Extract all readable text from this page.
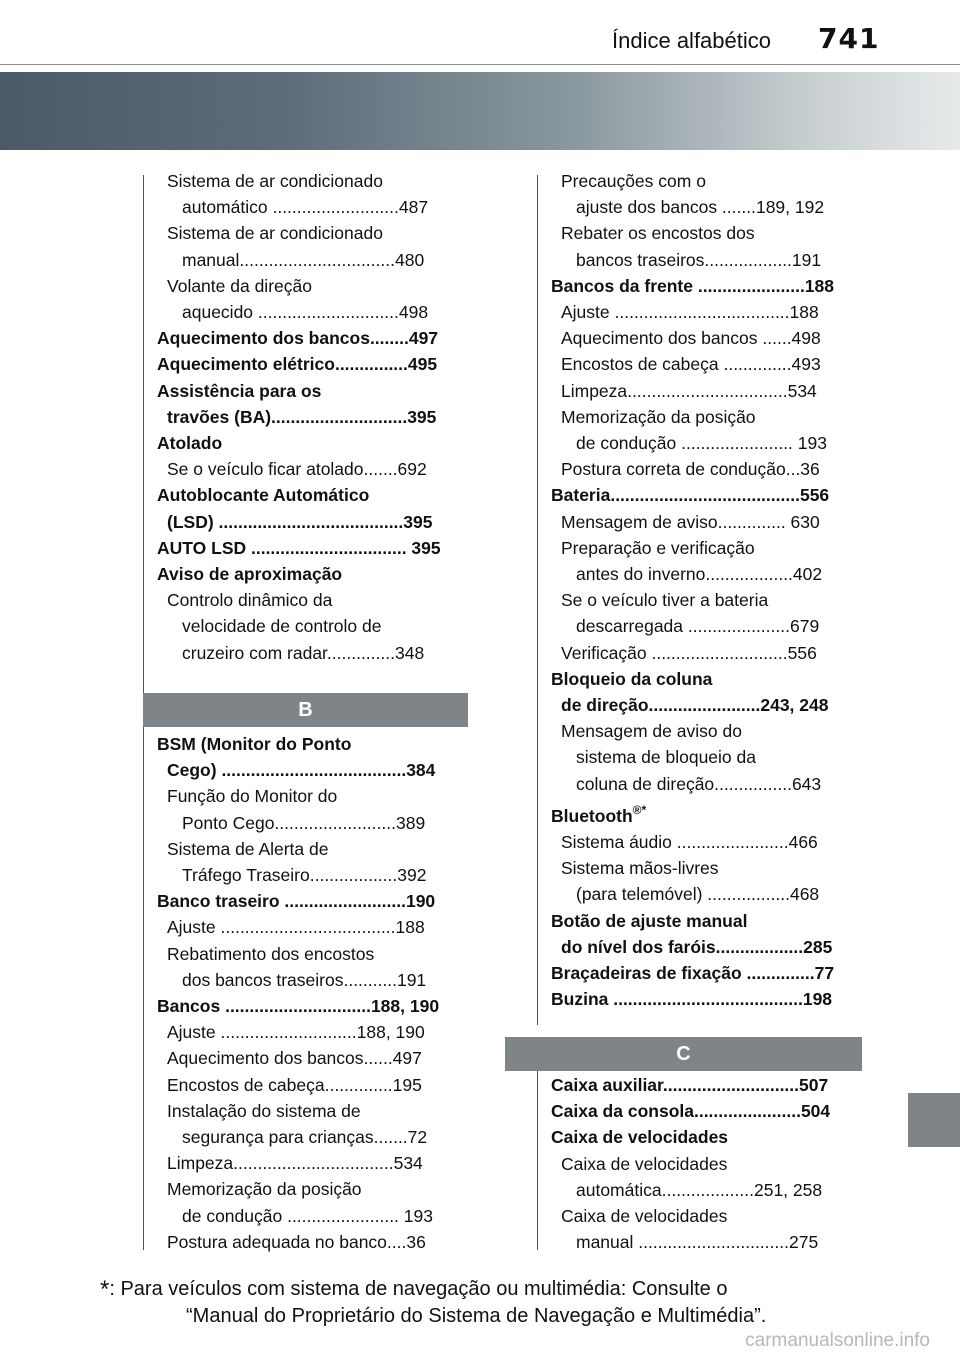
741
Índice alfabético
Sistema de ar condicionado
automático ..........................487
Sistema de ar condicionado
manual................................480
Volante da direção
aquecido .............................498
Aquecimento dos bancos........497
Aquecimento elétrico...............495
Assistência para os
travões (BA)............................395
Atolado
Se o veículo ficar atolado.......692
Autoblocante Automático
(LSD) ......................................395
AUTO LSD ................................ 395
Aviso de aproximação
Controlo dinâmico da
velocidade de controlo de
cruzeiro com radar..............348
B
BSM (Monitor do Ponto
Cego) ......................................384
Função do Monitor do
Ponto Cego.........................389
Sistema de Alerta de
Tráfego Traseiro..................392
Banco traseiro .........................190
Ajuste ....................................188
Rebatimento dos encostos
dos bancos traseiros...........191
Bancos ..............................188, 190
Ajuste ............................188, 190
Aquecimento dos bancos......497
Encostos de cabeça..............195
Instalação do sistema de
segurança para crianças.......72
Limpeza.................................534
Memorização da posição
de condução ....................... 193
Postura adequada no banco....36
Precauções com o
ajuste dos bancos .......189, 192
Rebater os encostos dos
bancos traseiros..................191
Bancos da frente ......................188
Ajuste ....................................188
Aquecimento dos bancos ......498
Encostos de cabeça ..............493
Limpeza.................................534
Memorização da posição
de condução ....................... 193
Postura correta de condução...36
Bateria.......................................556
Mensagem de aviso.............. 630
Preparação e verificação
antes do inverno..................402
Se o veículo tiver a bateria
descarregada .....................679
Verificação ............................556
Bloqueio da coluna
de direção.......................243, 248
Mensagem de aviso do
sistema de bloqueio da
coluna de direção................643
Bluetooth®*
Sistema áudio .......................466
Sistema mãos-livres
(para telemóvel) .................468
Botão de ajuste manual
do nível dos faróis..................285
Braçadeiras de fixação ..............77
Buzina .......................................198
C
Caixa auxiliar............................507
Caixa da consola......................504
Caixa de velocidades
Caixa de velocidades
automática...................251, 258
Caixa de velocidades
manual ...............................275
*: Para veículos com sistema de navegação ou multimédia: Consulte o
“Manual do Proprietário do Sistema de Navegação e Multimédia”.
carmanualsonline.info
